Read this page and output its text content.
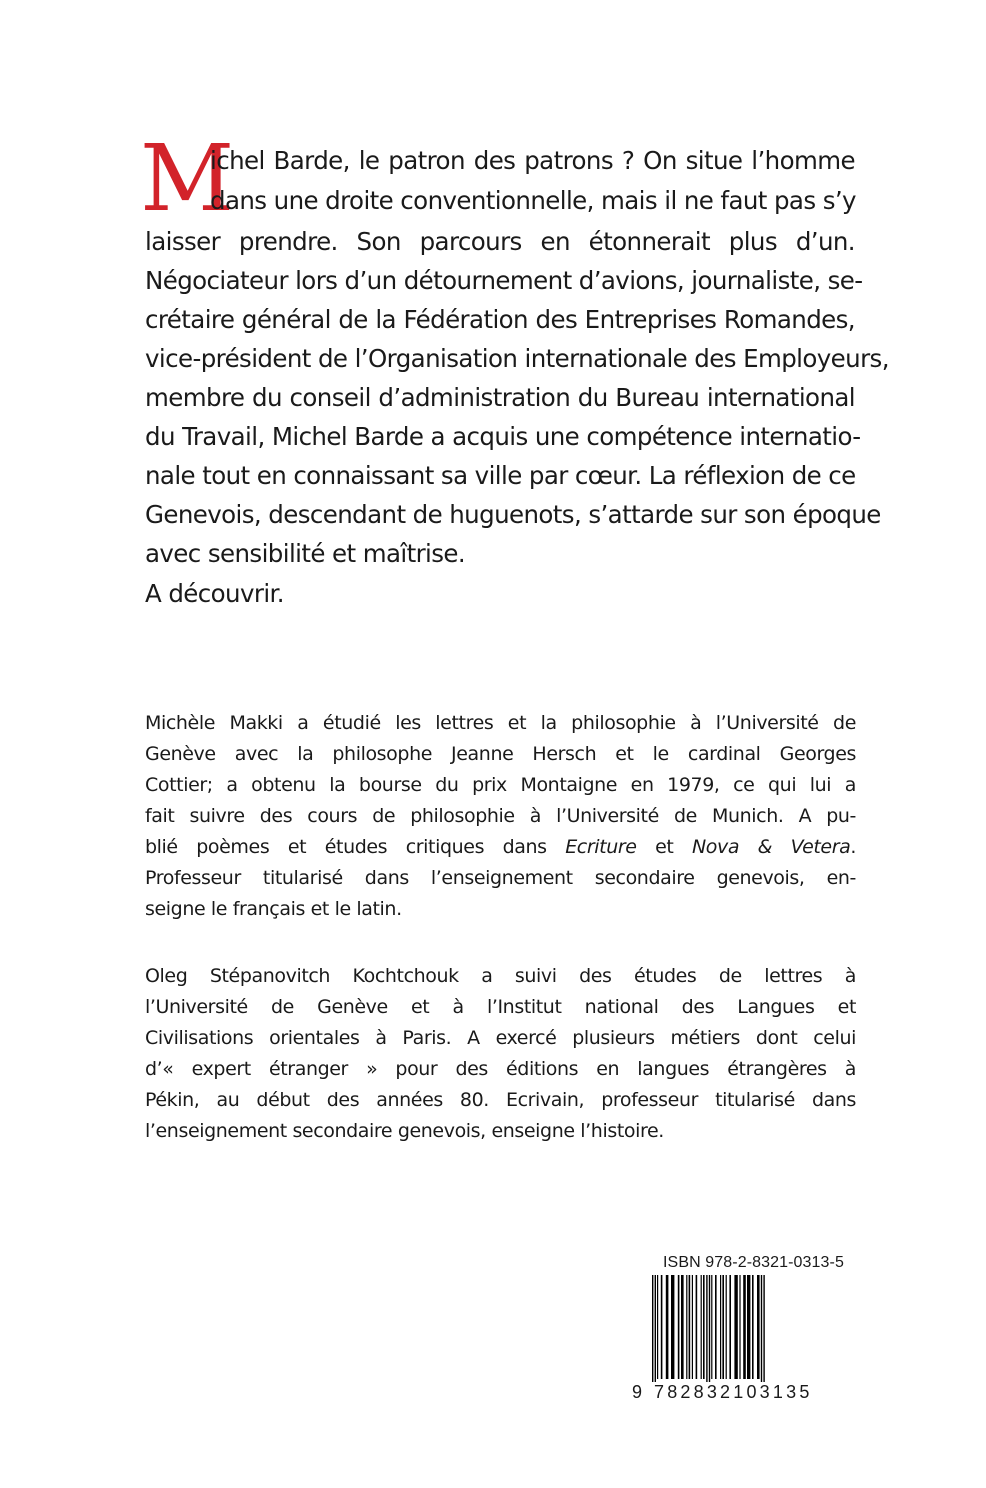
M
ichel Barde, le patron des patrons ? On situe l’homme
dans une droite conventionnelle, mais il ne faut pas s’y
laisser prendre. Son parcours en étonnerait plus d’un.
Négociateur lors d’un détournement d’avions, journaliste, se-
crétaire général de la Fédération des Entreprises Romandes,
vice-président de l’Organisation internationale des Employeurs,
membre du conseil d’administration du Bureau international
du Travail, Michel Barde a acquis une compétence internatio-
nale tout en connaissant sa ville par cœur. La réflexion de ce
Genevois, descendant de huguenots, s’attarde sur son époque
avec sensibilité et maîtrise.
A découvrir.
Michèle Makki a étudié les lettres et la philosophie à l’Université de
Genève avec la philosophe Jeanne Hersch et le cardinal Georges
Cottier; a obtenu la bourse du prix Montaigne en 1979, ce qui lui a
fait suivre des cours de philosophie à l’Université de Munich. A pu-
blié poèmes et études critiques dans Ecriture et Nova & Vetera.
Professeur titularisé dans l’enseignement secondaire genevois, en-
seigne le français et le latin.
Oleg Stépanovitch Kochtchouk a suivi des études de lettres à
l’Université de Genève et à l’Institut national des Langues et
Civilisations orientales à Paris. A exercé plusieurs métiers dont celui
d’« expert étranger » pour des éditions en langues étrangères à
Pékin, au début des années 80. Ecrivain, professeur titularisé dans
l’enseignement secondaire genevois, enseigne l’histoire.
ISBN 978-2-8321-0313-5
9 782832103135
